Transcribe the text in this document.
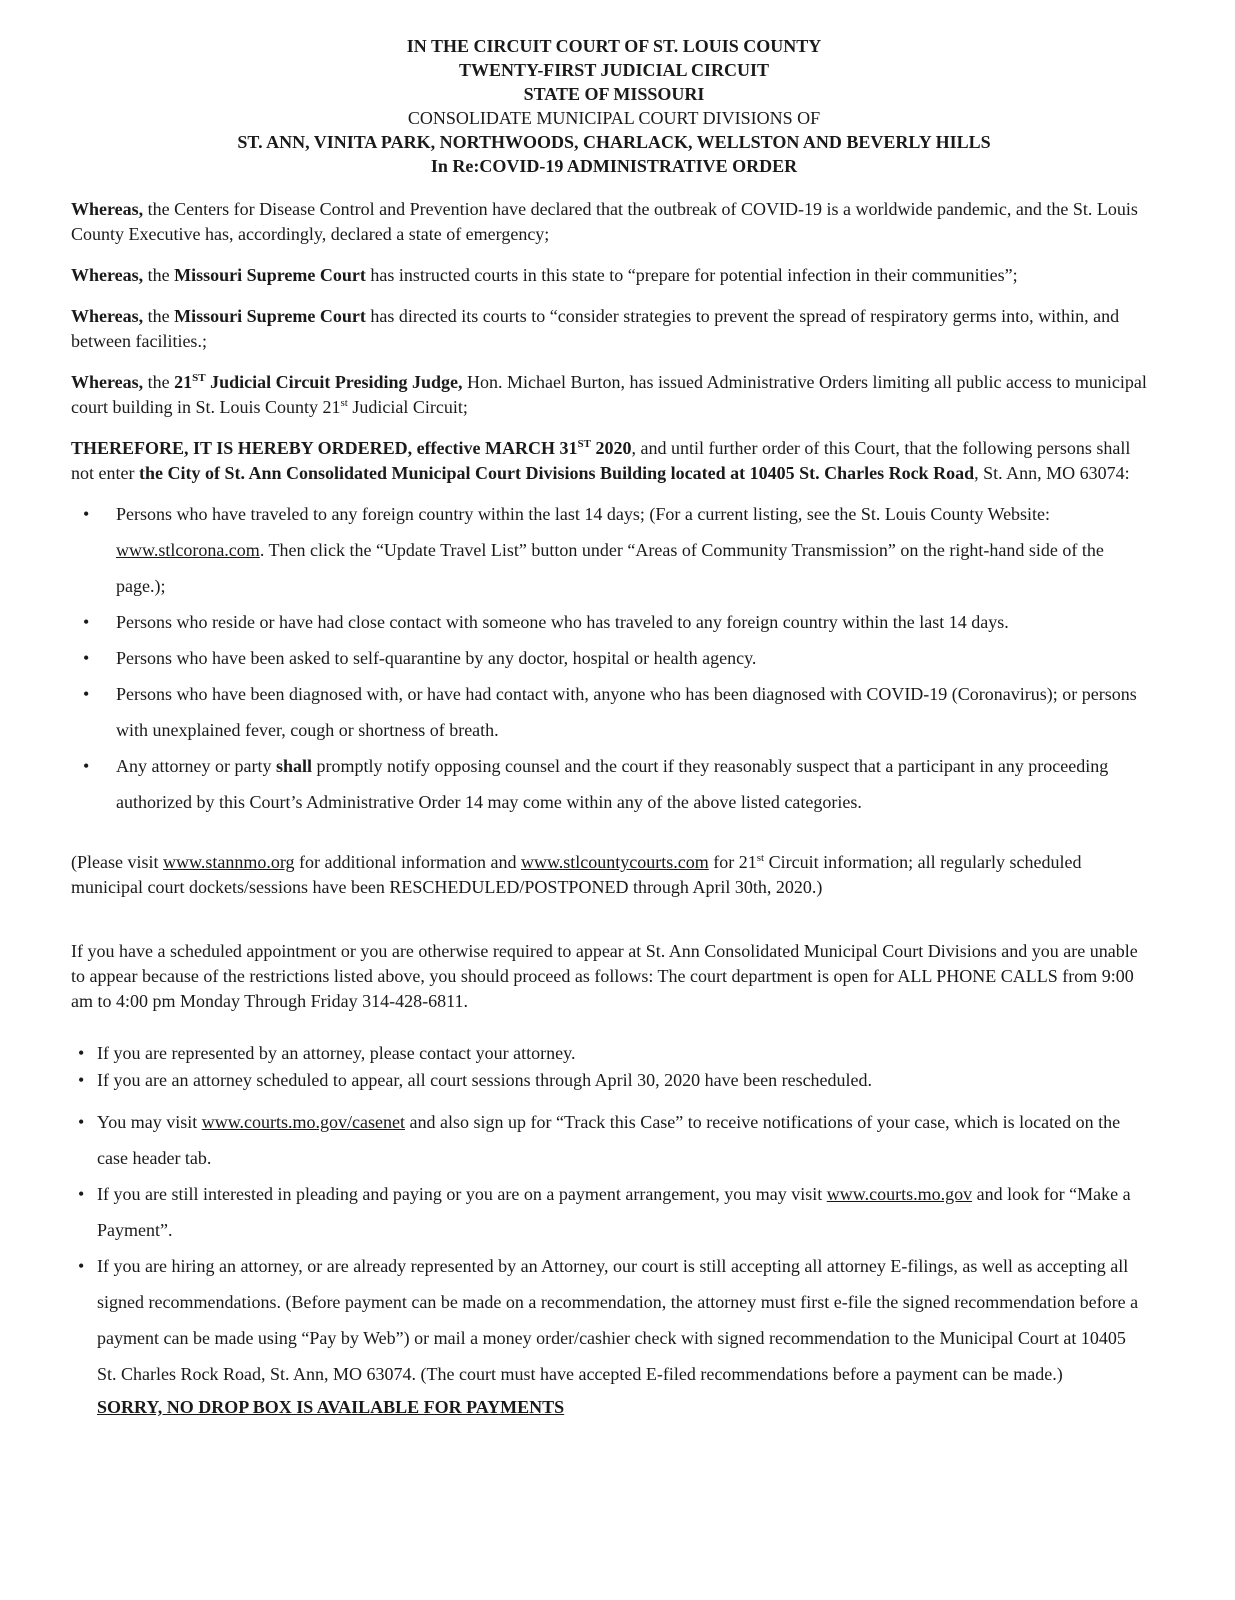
IN THE CIRCUIT COURT OF ST. LOUIS COUNTY
TWENTY-FIRST JUDICIAL CIRCUIT
STATE OF MISSOURI
CONSOLIDATE MUNICIPAL COURT DIVISIONS OF
ST. ANN, VINITA PARK, NORTHWOODS, CHARLACK, WELLSTON AND BEVERLY HILLS
In Re:COVID-19 ADMINISTRATIVE ORDER

Whereas, the Centers for Disease Control and Prevention have declared that the outbreak of COVID-19 is a worldwide pandemic, and the St. Louis County Executive has, accordingly, declared a state of emergency;

Whereas, the Missouri Supreme Court has instructed courts in this state to “prepare for potential infection in their communities”;

Whereas, the Missouri Supreme Court has directed its courts to “consider strategies to prevent the spread of respiratory germs into, within, and between facilities.;

Whereas, the 21ST Judicial Circuit Presiding Judge, Hon. Michael Burton, has issued Administrative Orders limiting all public access to municipal court building in St. Louis County 21st Judicial Circuit;

THEREFORE, IT IS HEREBY ORDERED, effective MARCH 31ST 2020, and until further order of this Court, that the following persons shall not enter the City of St. Ann Consolidated Municipal Court Divisions Building located at 10405 St. Charles Rock Road, St. Ann, MO 63074:

• Persons who have traveled to any foreign country within the last 14 days; (For a current listing, see the St. Louis County Website: www.stlcorona.com. Then click the “Update Travel List” button under “Areas of Community Transmission” on the right-hand side of the page.);
• Persons who reside or have had close contact with someone who has traveled to any foreign country within the last 14 days.
• Persons who have been asked to self-quarantine by any doctor, hospital or health agency.
• Persons who have been diagnosed with, or have had contact with, anyone who has been diagnosed with COVID-19 (Coronavirus); or persons with unexplained fever, cough or shortness of breath.
• Any attorney or party shall promptly notify opposing counsel and the court if they reasonably suspect that a participant in any proceeding authorized by this Court’s Administrative Order 14 may come within any of the above listed categories.

(Please visit www.stannmo.org for additional information and www.stlcountycourts.com for 21st Circuit information; all regularly scheduled municipal court dockets/sessions have been RESCHEDULED/POSTPONED through April 30th, 2020.)

If you have a scheduled appointment or you are otherwise required to appear at St. Ann Consolidated Municipal Court Divisions and you are unable to appear because of the restrictions listed above, you should proceed as follows: The court department is open for ALL PHONE CALLS from 9:00 am to 4:00 pm Monday Through Friday 314-428-6811.

• If you are represented by an attorney, please contact your attorney.
• If you are an attorney scheduled to appear, all court sessions through April 30, 2020 have been rescheduled.
• You may visit www.courts.mo.gov/casenet and also sign up for “Track this Case” to receive notifications of your case, which is located on the case header tab.
• If you are still interested in pleading and paying or you are on a payment arrangement, you may visit www.courts.mo.gov and look for “Make a Payment”.
• If you are hiring an attorney, or are already represented by an Attorney, our court is still accepting all attorney E-filings, as well as accepting all signed recommendations. (Before payment can be made on a recommendation, the attorney must first e-file the signed recommendation before a payment can be made using “Pay by Web”) or mail a money order/cashier check with signed recommendation to the Municipal Court at 10405 St. Charles Rock Road, St. Ann, MO 63074. (The court must have accepted E-filed recommendations before a payment can be made.)
SORRY, NO DROP BOX IS AVAILABLE FOR PAYMENTS
